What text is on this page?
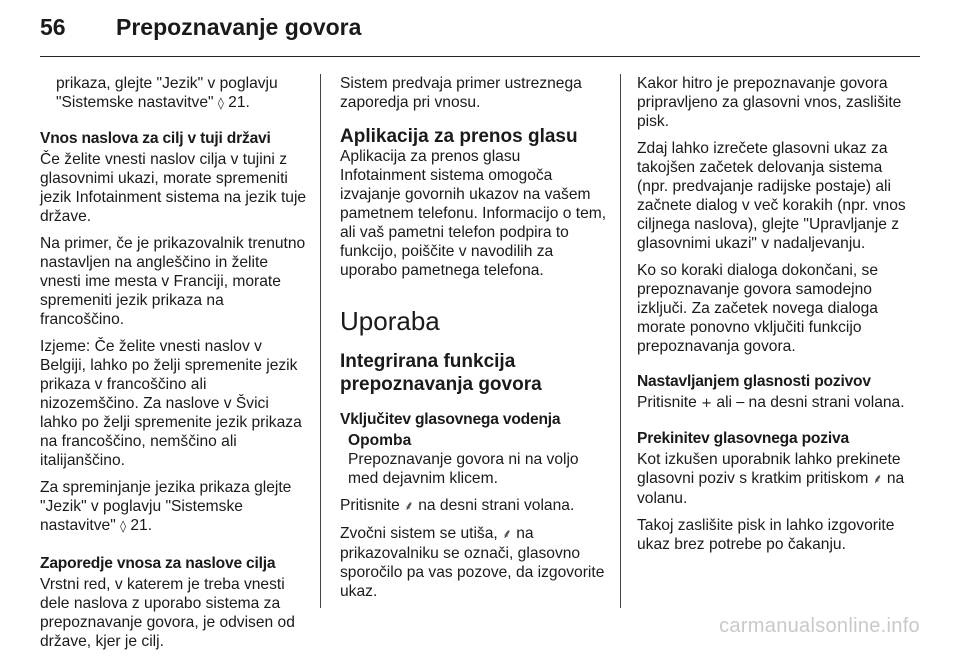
56	Prepoznavanje govora

prikaza, glejte "Jezik" v poglavju "Sistemske nastavitve" ◊ 21.

Vnos naslova za cilj v tuji državi

Če želite vnesti naslov cilja v tujini z glasovnimi ukazi, morate spremeniti jezik Infotainment sistema na jezik tuje države.

Na primer, če je prikazovalnik trenutno nastavljen na angleščino in želite vnesti ime mesta v Franciji, morate spremeniti jezik prikaza na francoščino.

Izjeme: Če želite vnesti naslov v Belgiji, lahko po želji spremenite jezik prikaza v francoščino ali nizozemščino. Za naslove v Švici lahko po želji spremenite jezik prikaza na francoščino, nemščino ali italijanščino.

Za spreminjanje jezika prikaza glejte "Jezik" v poglavju "Sistemske nastavitve" ◊ 21.

Zaporedje vnosa za naslove cilja

Vrstni red, v katerem je treba vnesti dele naslova z uporabo sistema za prepoznavanje govora, je odvisen od države, kjer je cilj.

Sistem predvaja primer ustreznega zaporedja pri vnosu.

Aplikacija za prenos glasu

Aplikacija za prenos glasu Infotainment sistema omogoča izvajanje govornih ukazov na vašem pametnem telefonu. Informacijo o tem, ali vaš pametni telefon podpira to funkcijo, poiščite v navodilih za uporabo pametnega telefona.

Uporaba

Integrirana funkcija prepoznavanja govora

Vključitev glasovnega vodenja

Opomba

Prepoznavanje govora ni na voljo med dejavnim klicem.

Pritisnite ⸙ na desni strani volana.

Zvočni sistem se utiša, ⸙ na prikazovalniku se označi, glasovno sporočilo pa vas pozove, da izgovorite ukaz.

Kakor hitro je prepoznavanje govora pripravljeno za glasovni vnos, zaslišite pisk.

Zdaj lahko izrečete glasovni ukaz za takojšen začetek delovanja sistema (npr. predvajanje radijske postaje) ali začnete dialog v več korakih (npr. vnos ciljnega naslova), glejte "Upravljanje z glasovnimi ukazi" v nadaljevanju.

Ko so koraki dialoga dokončani, se prepoznavanje govora samodejno izključi. Za začetek novega dialoga morate ponovno vključiti funkcijo prepoznavanja govora.

Nastavljanjem glasnosti pozivov

Pritisnite + ali ─ na desni strani volana.

Prekinitev glasovnega poziva

Kot izkušen uporabnik lahko prekinete glasovni poziv s kratkim pritiskom ⸙ na volanu.

Takoj zaslišite pisk in lahko izgovorite ukaz brez potrebe po čakanju.

carmanualsonline.info
